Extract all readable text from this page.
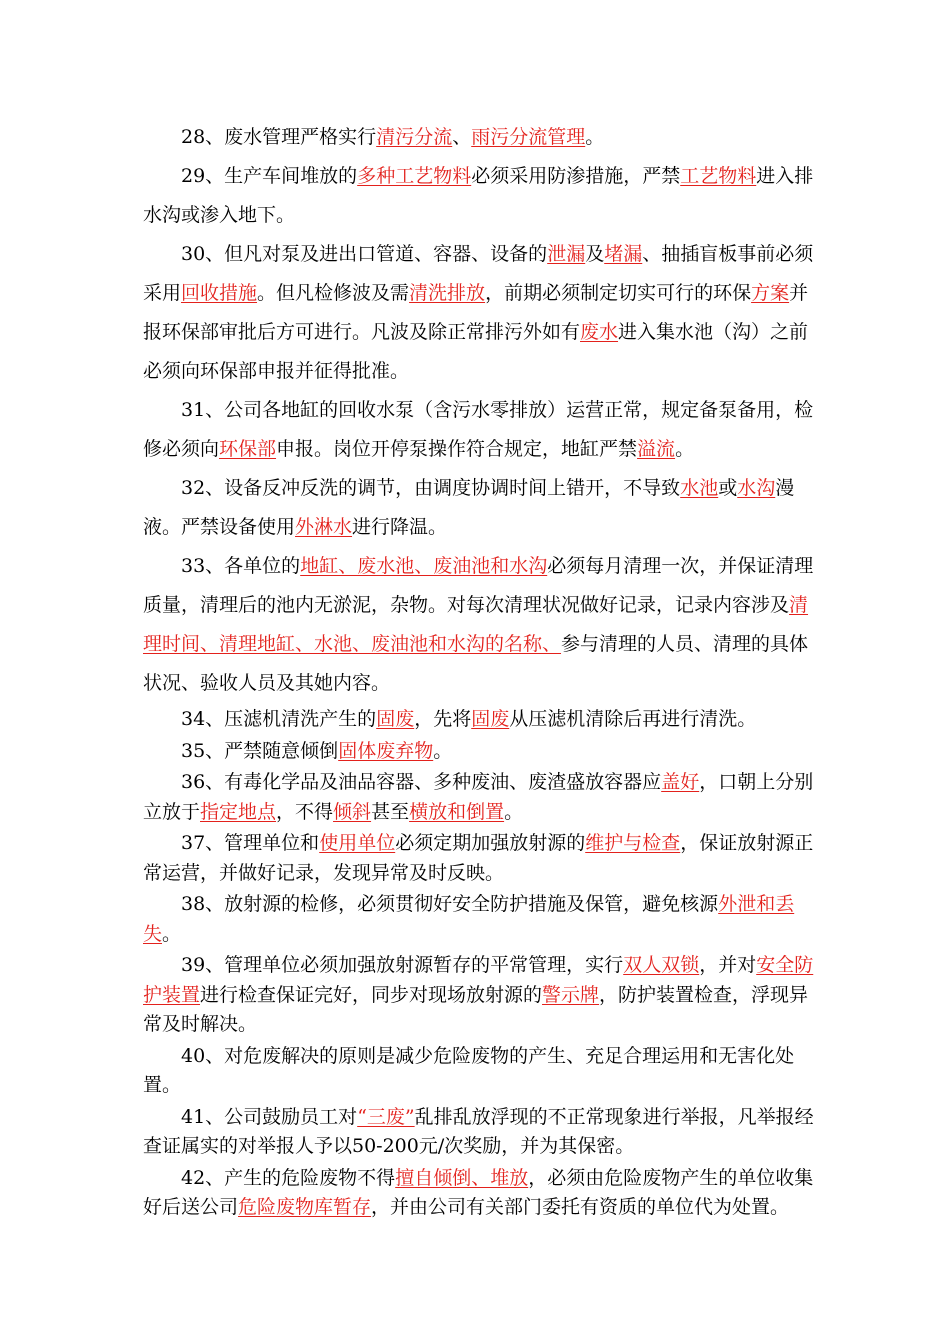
28、废水管理严格实行清污分流、雨污分流管理。

29、生产车间堆放的多种工艺物料必须采用防渗措施，严禁工艺物料进入排水沟或渗入地下。

30、但凡对泵及进出口管道、容器、设备的泄漏及堵漏、抽插盲板事前必须采用回收措施。但凡检修波及需清洗排放，前期必须制定切实可行的环保方案并报环保部审批后方可进行。凡波及除正常排污外如有废水进入集水池（沟）之前必须向环保部申报并征得批准。

31、公司各地缸的回收水泵（含污水零排放）运营正常，规定备泵备用，检修必须向环保部申报。岗位开停泵操作符合规定，地缸严禁溢流。

32、设备反冲反洗的调节，由调度协调时间上错开，不导致水池或水沟漫液。严禁设备使用外淋水进行降温。

33、各单位的地缸、废水池、废油池和水沟必须每月清理一次，并保证清理质量，清理后的池内无淤泥，杂物。对每次清理状况做好记录，记录内容涉及清理时间、清理地缸、水池、废油池和水沟的名称、参与清理的人员、清理的具体状况、验收人员及其她内容。

34、压滤机清洗产生的固废，先将固废从压滤机清除后再进行清洗。

35、严禁随意倾倒固体废弃物。

36、有毒化学品及油品容器、多种废油、废渣盛放容器应盖好，口朝上分别立放于指定地点，不得倾斜甚至横放和倒置。

37、管理单位和使用单位必须定期加强放射源的维护与检查，保证放射源正常运营，并做好记录，发现异常及时反映。

38、放射源的检修，必须贯彻好安全防护措施及保管，避免核源外泄和丢失。

39、管理单位必须加强放射源暂存的平常管理，实行双人双锁，并对安全防护装置进行检查保证完好，同步对现场放射源的警示牌，防护装置检查，浮现异常及时解决。

40、对危废解决的原则是减少危险废物的产生、充足合理运用和无害化处置。

41、公司鼓励员工对“三废”乱排乱放浮现的不正常现象进行举报，凡举报经查证属实的对举报人予以50-200元/次奖励，并为其保密。

42、产生的危险废物不得擅自倾倒、堆放，必须由危险废物产生的单位收集好后送公司危险废物库暂存，并由公司有关部门委托有资质的单位代为处置。
